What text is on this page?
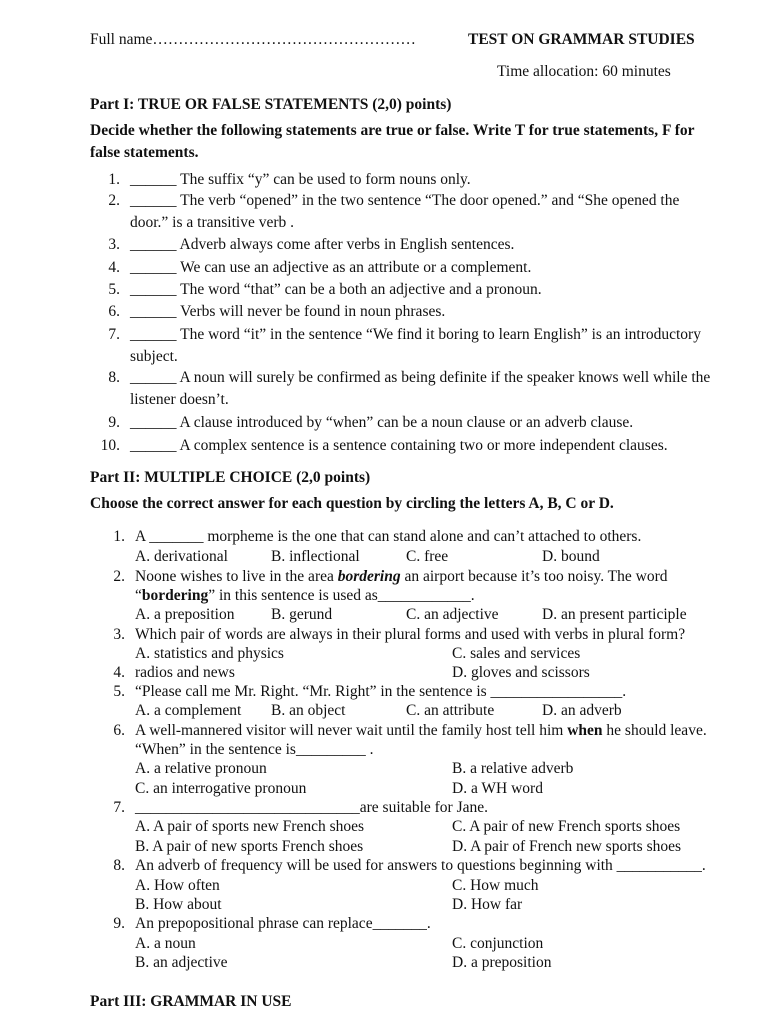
Full name……………………………………………	TEST ON GRAMMAR STUDIES
Time allocation: 60 minutes
Part I: TRUE OR FALSE STATEMENTS (2,0) points)
Decide whether the following statements are true or false. Write T for true statements, F for
false statements.
1. ______ The suffix “y” can be used to form nouns only.
2. ______ The verb “opened” in the two sentence “The door opened.” and “She opened the
door.” is a transitive verb .
3. ______ Adverb always come after verbs in English sentences.
4. ______ We can use an adjective as an attribute or a complement.
5. ______ The word “that” can be a both an adjective and a pronoun.
6. ______ Verbs will never be found in noun phrases.
7. ______ The word “it” in the sentence “We find it boring to learn English” is an introductory
subject.
8. ______ A noun will surely be confirmed as being definite if the speaker knows well while the
listener doesn’t.
9. ______ A clause introduced by “when” can be a noun clause or an adverb clause.
10. ______ A complex sentence is a sentence containing two or more independent clauses.
Part II: MULTIPLE CHOICE (2,0 points)
Choose the correct answer for each question by circling the letters A, B, C or D.
1. A _______ morpheme is the one that can stand alone and can’t attached to others.
A. derivational	B. inflectional	C. free	D. bound
2. Noone wishes to live in the area bordering an airport because it’s too noisy. The word
“bordering” in this sentence is used as____________.
A. a preposition B. gerund	C. an adjective	D. an present participle
3. Which pair of words are always in their plural forms and used with verbs in plural form?
A. statistics and physics	C. sales and services
4. radios and news	D. gloves and scissors
5. “Please call me Mr. Right. “Mr. Right” in the sentence is _________________.
A. a complement B. an object	C. an attribute	D. an adverb
6. A well-mannered visitor will never wait until the family host tell him when he should leave.
“When” in the sentence is_________ .
A. a relative pronoun	B. a relative adverb
C. an interrogative pronoun	D. a WH word
7. _____________________________are suitable for Jane.
A. A pair of sports new French shoes	C. A pair of new French sports shoes
B. A pair of new sports French shoes	D. A pair of French new sports shoes
8. An adverb of frequency will be used for answers to questions beginning with ___________.
A. How often	C. How much
B. How about	D. How far
9. An prepopositional phrase can replace_______.
A. a noun	C. conjunction
B. an adjective	D. a preposition
Part III: GRAMMAR IN USE
